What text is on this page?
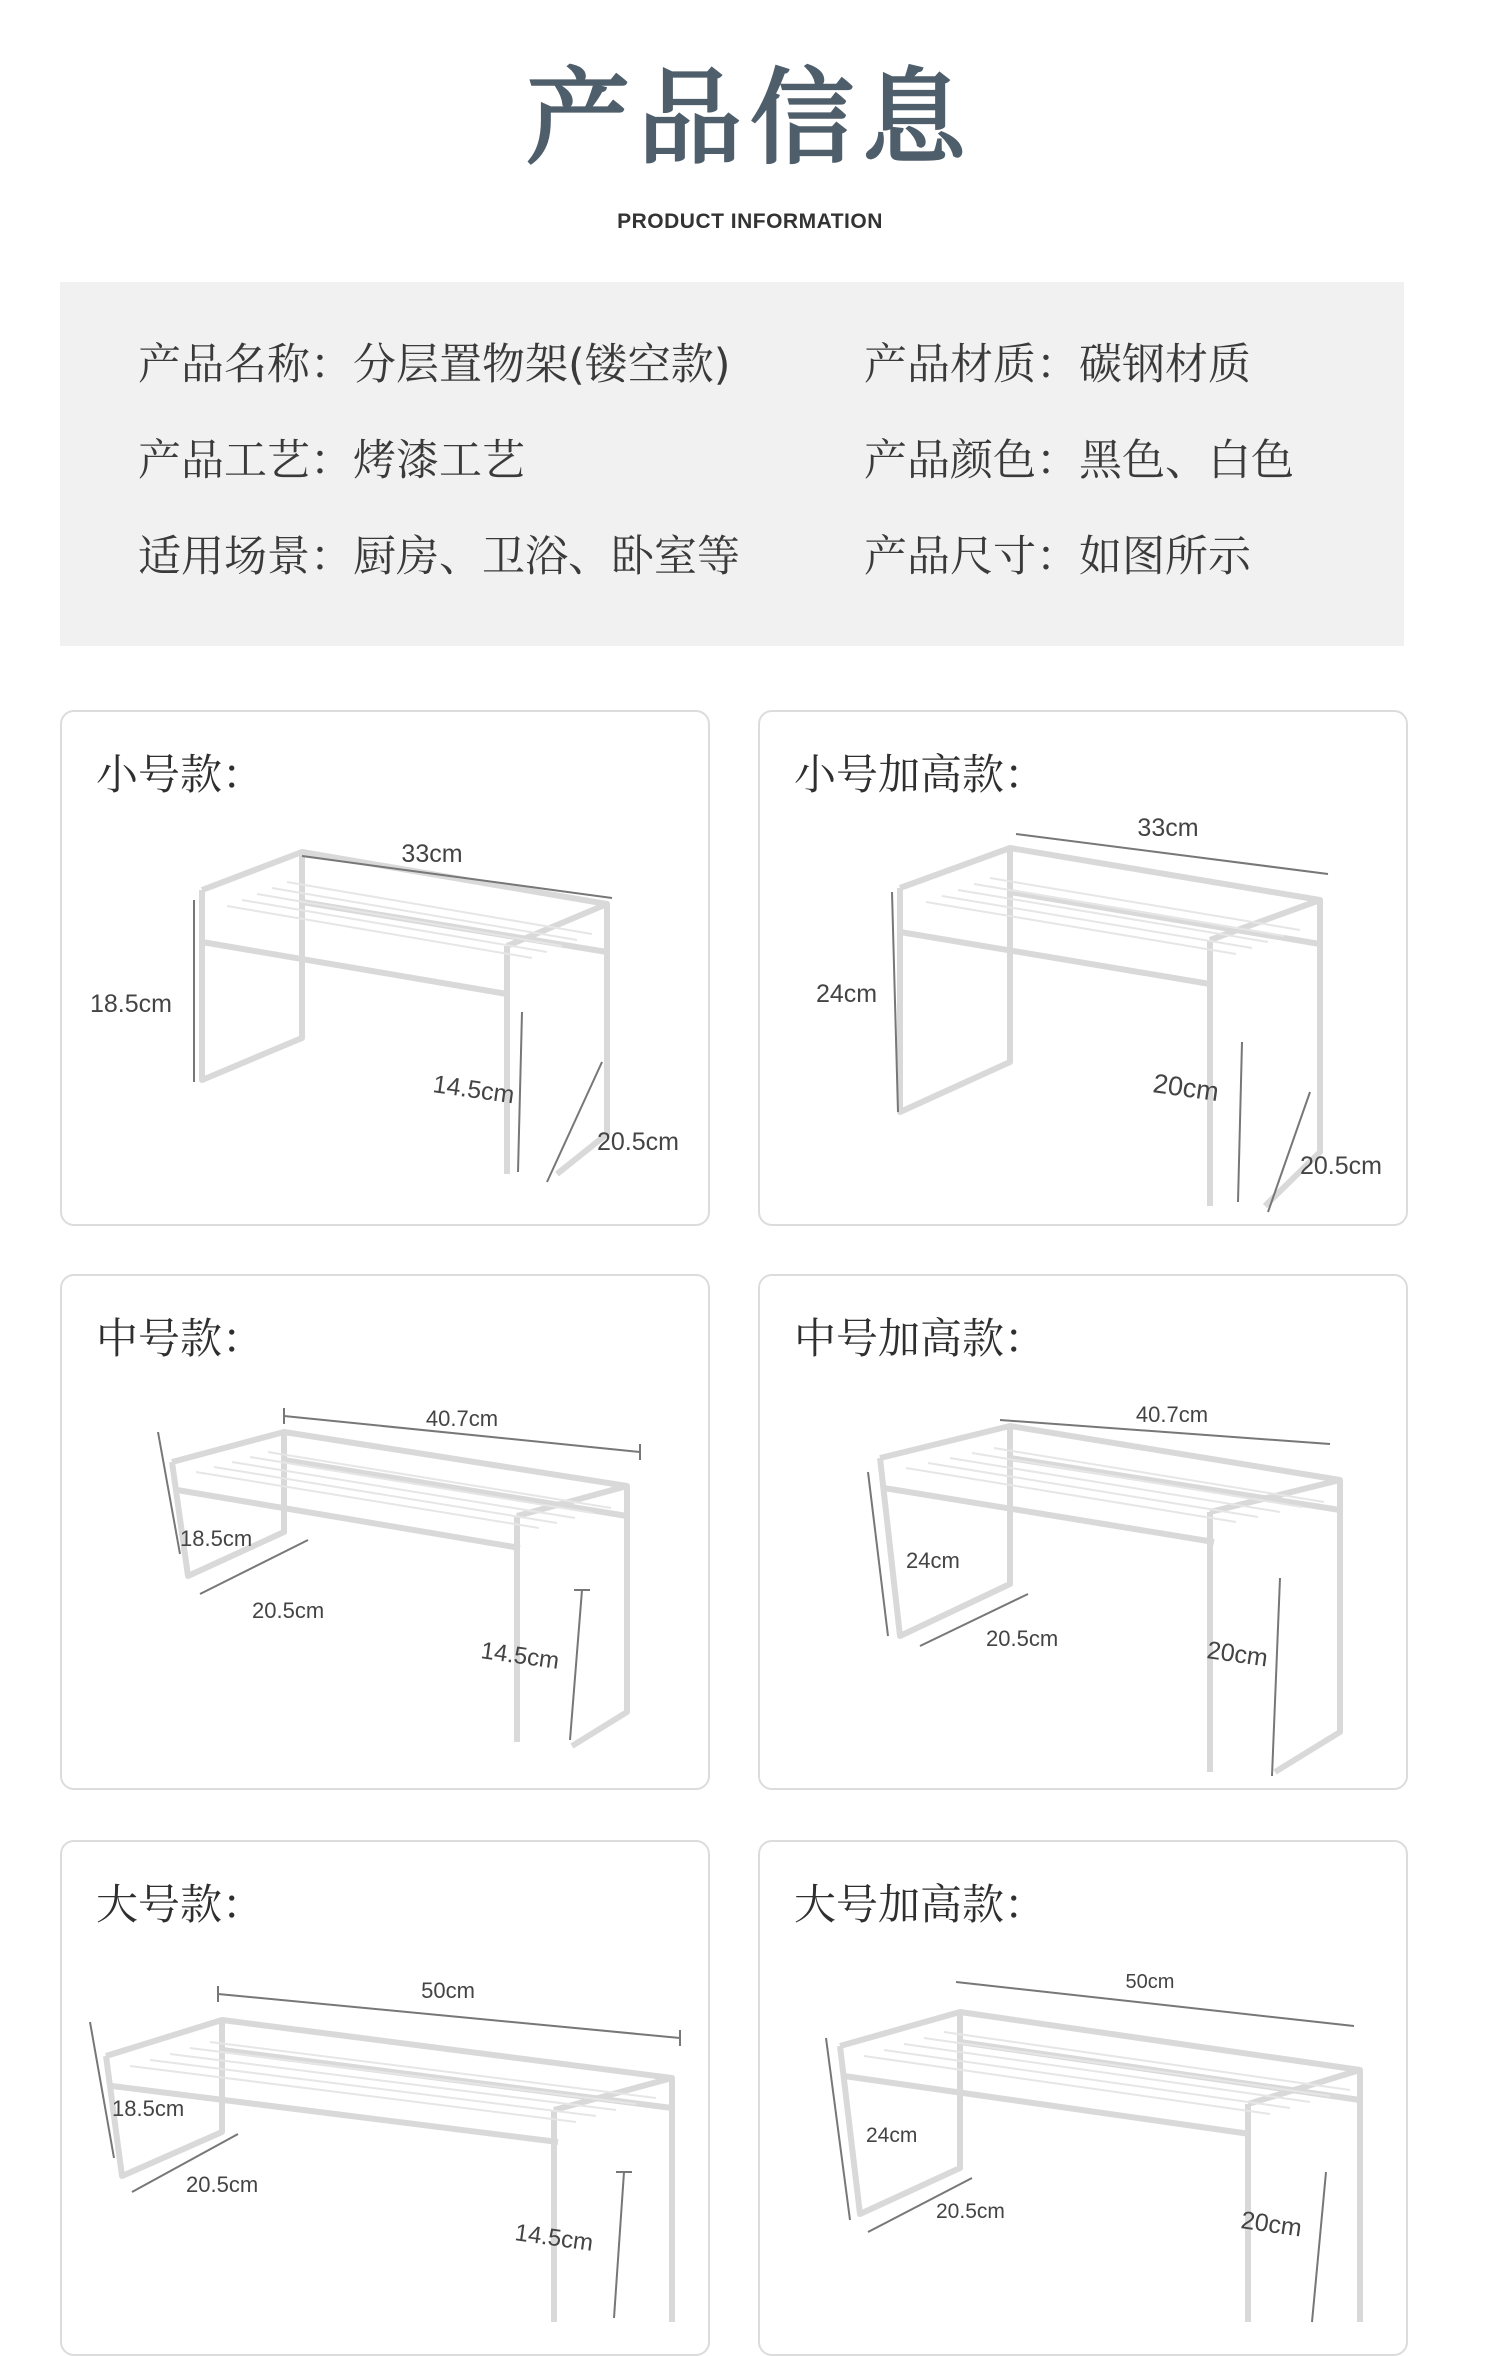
产品信息
PRODUCT INFORMATION
产品名称：分层置物架(镂空款)	产品材质：碳钢材质
产品工艺：烤漆工艺	产品颜色：黑色、白色
适用场景：厨房、卫浴、卧室等	产品尺寸：如图所示
小号款：
33cm
18.5cm
14.5cm
20.5cm
小号加高款：
33cm
24cm
20cm
20.5cm
中号款：
40.7cm
18.5cm
20.5cm
14.5cm
中号加高款：
40.7cm
24cm
20.5cm	20cm
大号款：
50cm
18.5cm
20.5cm
14.5cm
大号加高款：
50cm
24cm
20.5cm	20cm
